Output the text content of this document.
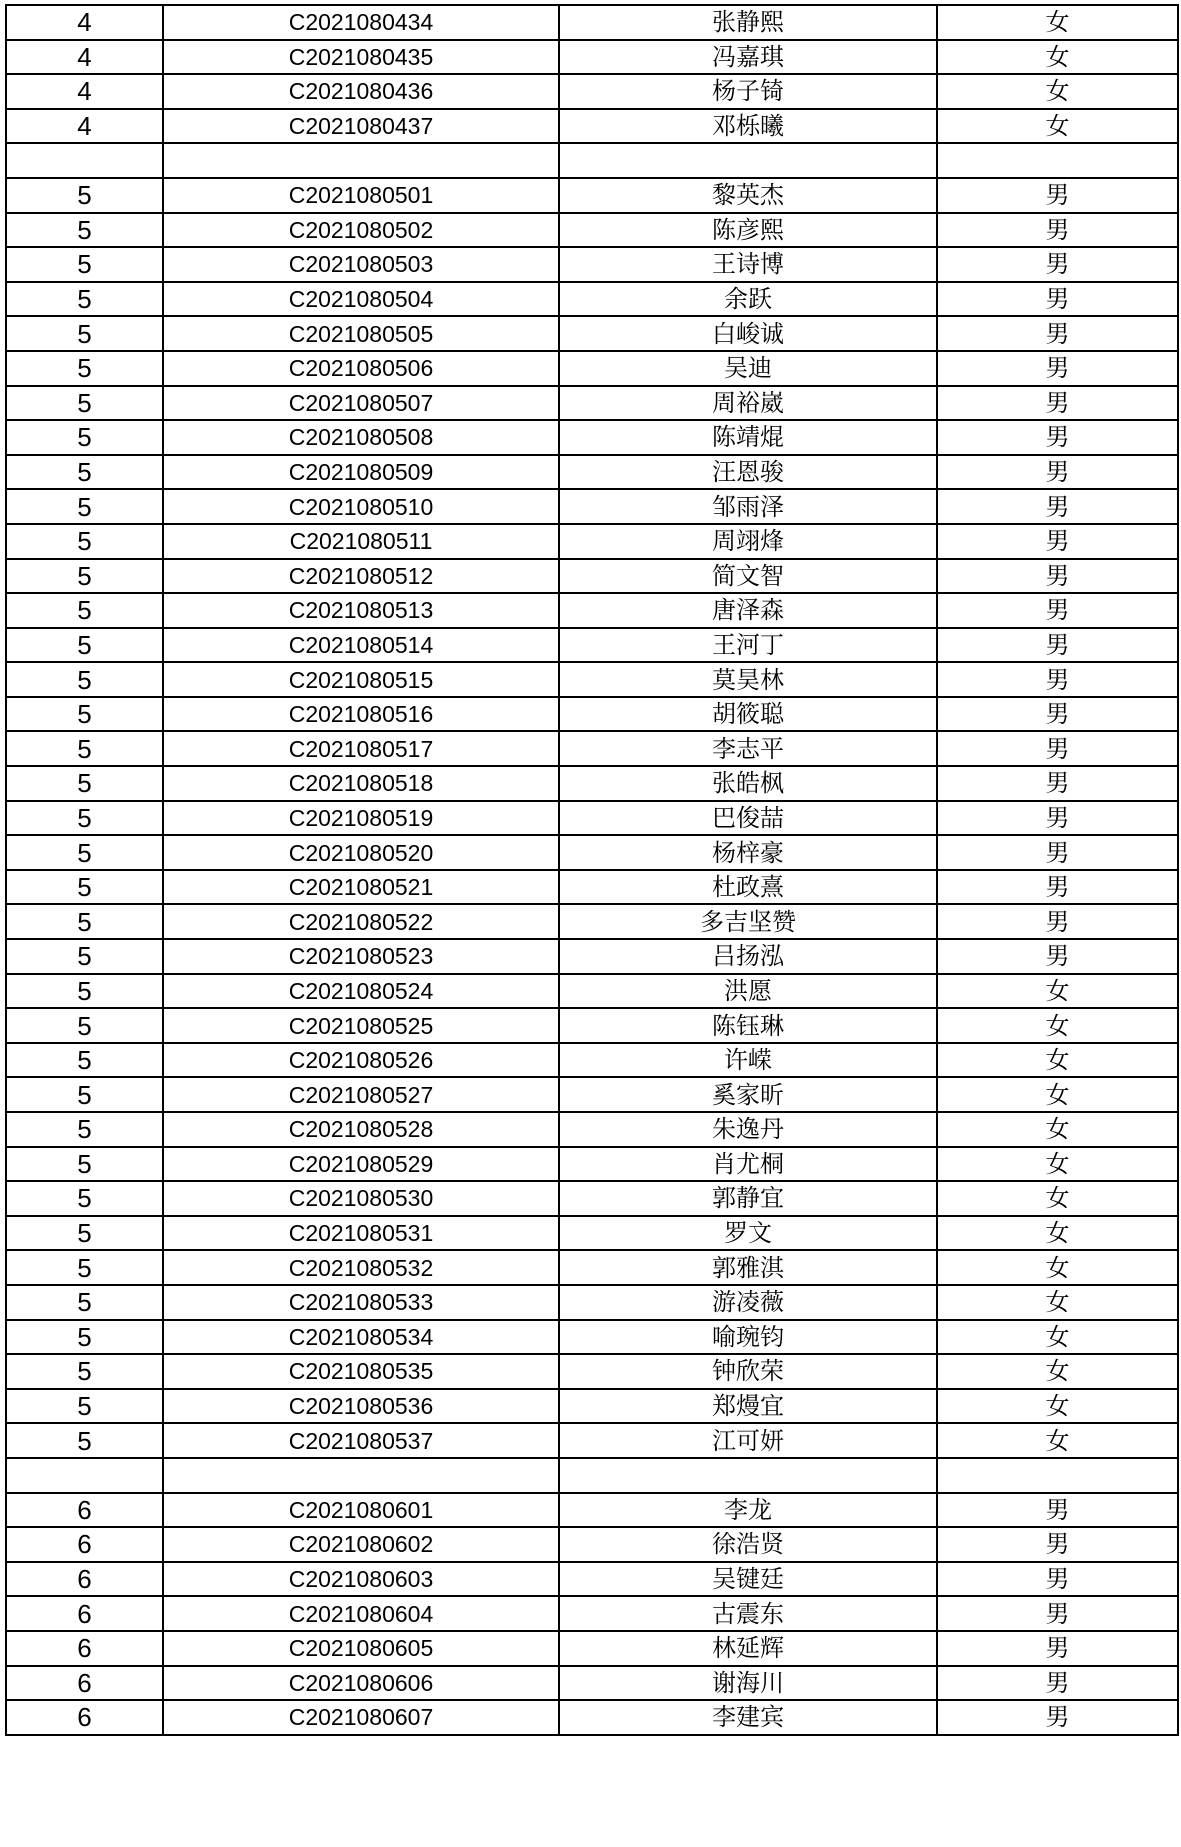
4	C2021080434	张静熙	女
4	C2021080435	冯嘉琪	女
4	C2021080436	杨子锜	女
4	C2021080437	邓栎曦	女

5	C2021080501	黎英杰	男
5	C2021080502	陈彦熙	男
5	C2021080503	王诗博	男
5	C2021080504	余跃	男
5	C2021080505	白峻诚	男
5	C2021080506	吴迪	男
5	C2021080507	周裕崴	男
5	C2021080508	陈靖焜	男
5	C2021080509	汪恩骏	男
5	C2021080510	邹雨泽	男
5	C2021080511	周翊烽	男
5	C2021080512	简文智	男
5	C2021080513	唐泽森	男
5	C2021080514	王河丁	男
5	C2021080515	莫昊林	男
5	C2021080516	胡筱聪	男
5	C2021080517	李志平	男
5	C2021080518	张皓枫	男
5	C2021080519	巴俊喆	男
5	C2021080520	杨梓豪	男
5	C2021080521	杜政熹	男
5	C2021080522	多吉坚赞	男
5	C2021080523	吕扬泓	男
5	C2021080524	洪愿	女
5	C2021080525	陈钰琳	女
5	C2021080526	许嵘	女
5	C2021080527	奚家昕	女
5	C2021080528	朱逸丹	女
5	C2021080529	肖尤桐	女
5	C2021080530	郭静宜	女
5	C2021080531	罗文	女
5	C2021080532	郭雅淇	女
5	C2021080533	游凌薇	女
5	C2021080534	喻琬钧	女
5	C2021080535	钟欣荣	女
5	C2021080536	郑熳宜	女
5	C2021080537	江可妍	女

6	C2021080601	李龙	男
6	C2021080602	徐浩贤	男
6	C2021080603	吴键廷	男
6	C2021080604	古震东	男
6	C2021080605	林延辉	男
6	C2021080606	谢海川	男
6	C2021080607	李建宾	男
